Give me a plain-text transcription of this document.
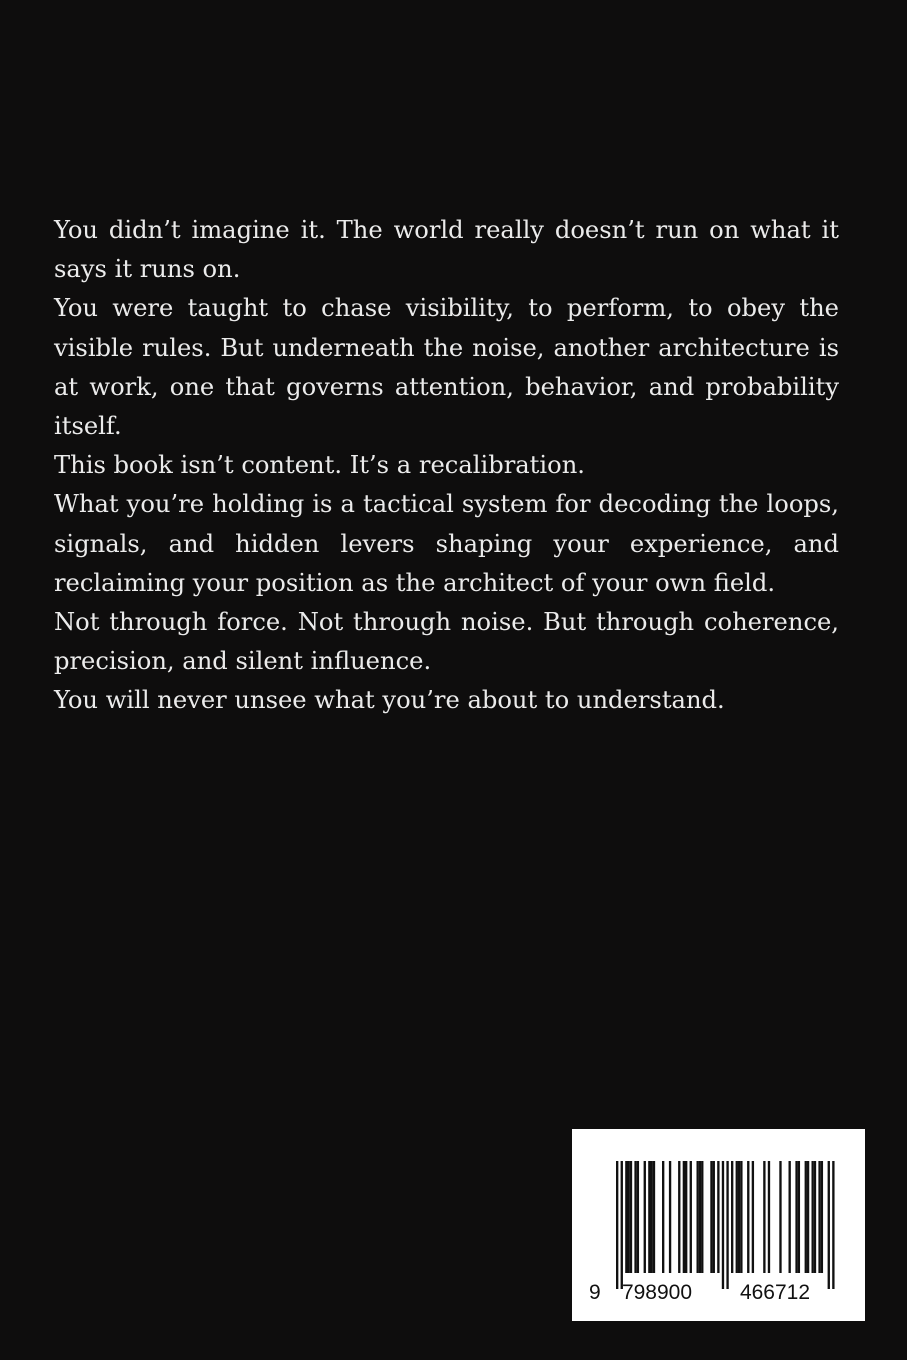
You didn’t imagine it. The world really doesn’t run on what it says it runs on.

You were taught to chase visibility, to perform, to obey the visible rules. But underneath the noise, another architecture is at work, one that governs attention, behavior, and probability itself.

This book isn’t content. It’s a recalibration.

What you’re holding is a tactical system for decoding the loops, signals, and hidden levers shaping your experience, and reclaiming your position as the architect of your own field.

Not through force. Not through noise. But through coherence, precision, and silent influence.

You will never unsee what you’re about to understand.

9 798900 466712
